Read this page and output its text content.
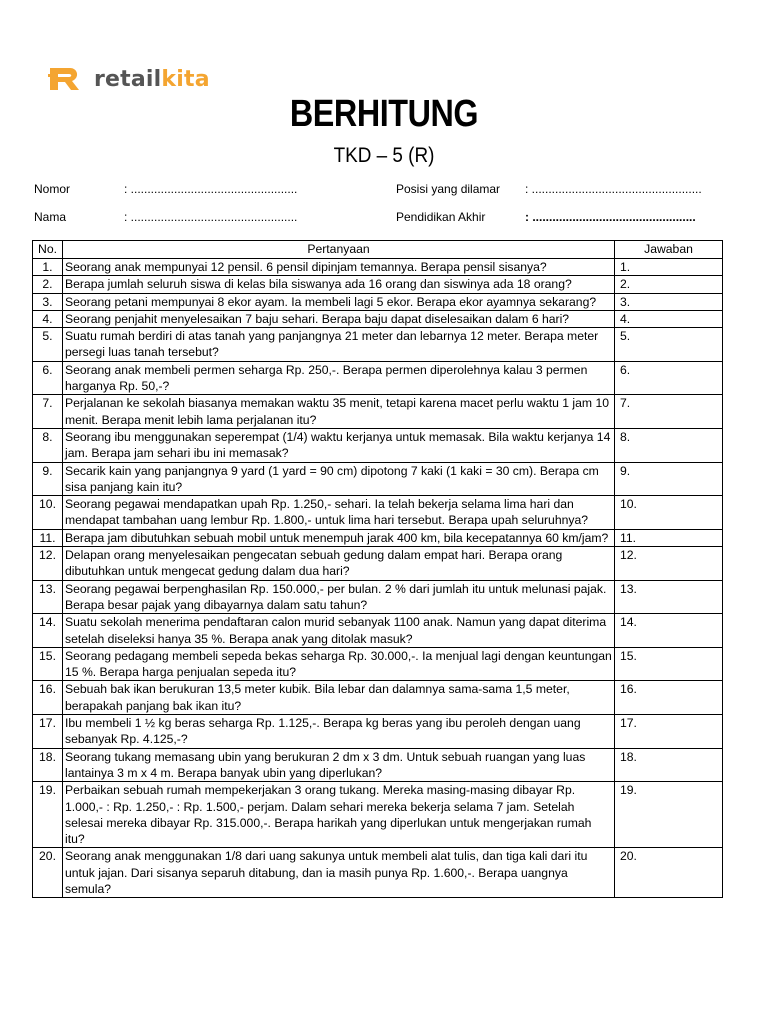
retailkita
BERHITUNG
TKD – 5 (R)
Nomor	: ..................................................
Nama	: ..................................................
Posisi yang dilamar : ...................................................
Pendidikan Akhir	: .................................................
No.	Pertanyaan	Jawaban
1.	Seorang anak mempunyai 12 pensil. 6 pensil dipinjam temannya. Berapa pensil sisanya?	1.
2.	Berapa jumlah seluruh siswa di kelas bila siswanya ada 16 orang dan siswinya ada 18 orang?	2.
3.	Seorang petani mempunyai 8 ekor ayam. Ia membeli lagi 5 ekor. Berapa ekor ayamnya sekarang?	3.
4.	Seorang penjahit menyelesaikan 7 baju sehari. Berapa baju dapat diselesaikan dalam 6 hari?	4.
5.	Suatu rumah berdiri di atas tanah yang panjangnya 21 meter dan lebarnya 12 meter. Berapa meter persegi luas tanah tersebut?	5.
6.	Seorang anak membeli permen seharga Rp. 250,-. Berapa permen diperolehnya kalau 3 permen harganya Rp. 50,-?	6.
7.	Perjalanan ke sekolah biasanya memakan waktu 35 menit, tetapi karena macet perlu waktu 1 jam 10 menit. Berapa menit lebih lama perjalanan itu?	7.
8.	Seorang ibu menggunakan seperempat (1/4) waktu kerjanya untuk memasak. Bila waktu kerjanya 14 jam. Berapa jam sehari ibu ini memasak?	8.
9.	Secarik kain yang panjangnya 9 yard (1 yard = 90 cm) dipotong 7 kaki (1 kaki = 30 cm). Berapa cm sisa panjang kain itu?	9.
10.	Seorang pegawai mendapatkan upah Rp. 1.250,- sehari. Ia telah bekerja selama lima hari dan mendapat tambahan uang lembur Rp. 1.800,- untuk lima hari tersebut. Berapa upah seluruhnya?	10.
11.	Berapa jam dibutuhkan sebuah mobil untuk menempuh jarak 400 km, bila kecepatannya 60 km/jam?	11.
12.	Delapan orang menyelesaikan pengecatan sebuah gedung dalam empat hari. Berapa orang dibutuhkan untuk mengecat gedung dalam dua hari?	12.
13.	Seorang pegawai berpenghasilan Rp. 150.000,- per bulan. 2 % dari jumlah itu untuk melunasi pajak. Berapa besar pajak yang dibayarnya dalam satu tahun?	13.
14.	Suatu sekolah menerima pendaftaran calon murid sebanyak 1100 anak. Namun yang dapat diterima setelah diseleksi hanya 35 %. Berapa anak yang ditolak masuk?	14.
15.	Seorang pedagang membeli sepeda bekas seharga Rp. 30.000,-. Ia menjual lagi dengan keuntungan 15 %. Berapa harga penjualan sepeda itu?	15.
16.	Sebuah bak ikan berukuran 13,5 meter kubik. Bila lebar dan dalamnya sama-sama 1,5 meter, berapakah panjang bak ikan itu?	16.
17.	Ibu membeli 1 ½ kg beras seharga Rp. 1.125,-. Berapa kg beras yang ibu peroleh dengan uang sebanyak Rp. 4.125,-?	17.
18.	Seorang tukang memasang ubin yang berukuran 2 dm x 3 dm. Untuk sebuah ruangan yang luas lantainya 3 m x 4 m. Berapa banyak ubin yang diperlukan?	18.
19.	Perbaikan sebuah rumah mempekerjakan 3 orang tukang. Mereka masing-masing dibayar Rp. 1.000,- : Rp. 1.250,- : Rp. 1.500,- perjam. Dalam sehari mereka bekerja selama 7 jam. Setelah selesai mereka dibayar Rp. 315.000,-. Berapa harikah yang diperlukan untuk mengerjakan rumah itu?	19.
20.	Seorang anak menggunakan 1/8 dari uang sakunya untuk membeli alat tulis, dan tiga kali dari itu untuk jajan. Dari sisanya separuh ditabung, dan ia masih punya Rp. 1.600,-. Berapa uangnya semula?	20.
